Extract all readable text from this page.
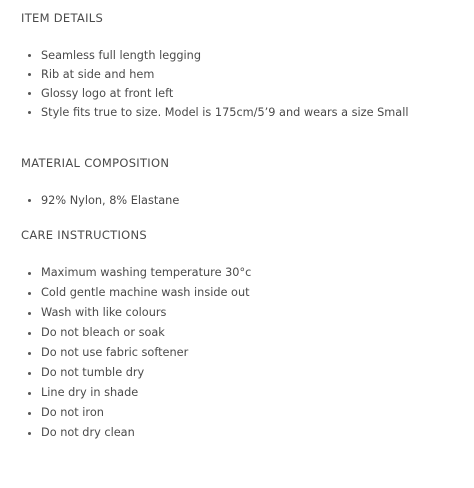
ITEM DETAILS
Seamless full length legging
Rib at side and hem
Glossy logo at front left
Style fits true to size. Model is 175cm/5’9 and wears a size Small
MATERIAL COMPOSITION
92% Nylon, 8% Elastane
CARE INSTRUCTIONS
Maximum washing temperature 30°c
Cold gentle machine wash inside out
Wash with like colours
Do not bleach or soak
Do not use fabric softener
Do not tumble dry
Line dry in shade
Do not iron
Do not dry clean
